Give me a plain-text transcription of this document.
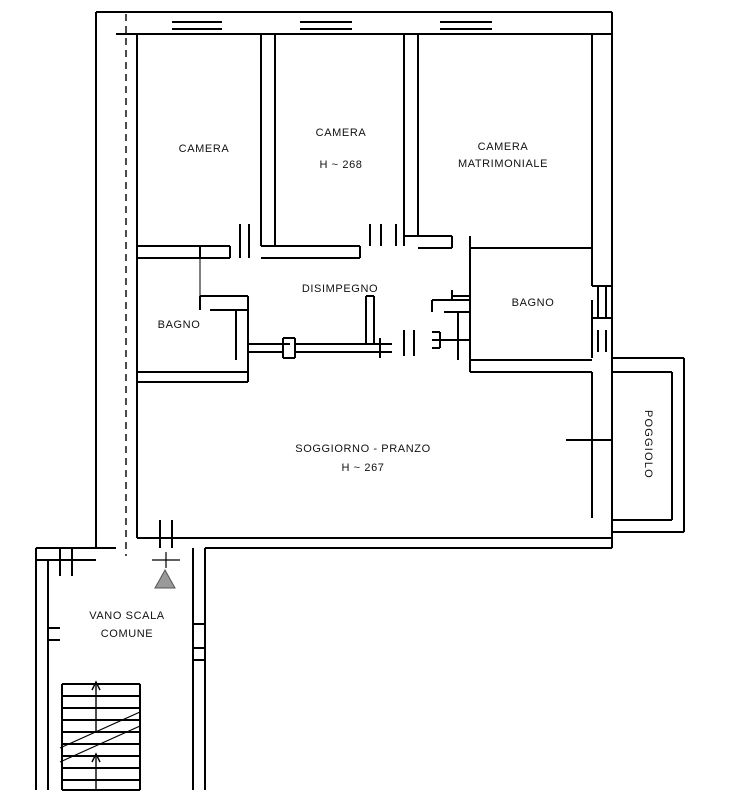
CAMERA
CAMERA
H ~ 268
CAMERA
MATRIMONIALE
DISIMPEGNO
BAGNO
BAGNO
SOGGIORNO - PRANZO
H ~ 267	POGGIOLO
VANO SCALA
COMUNE
